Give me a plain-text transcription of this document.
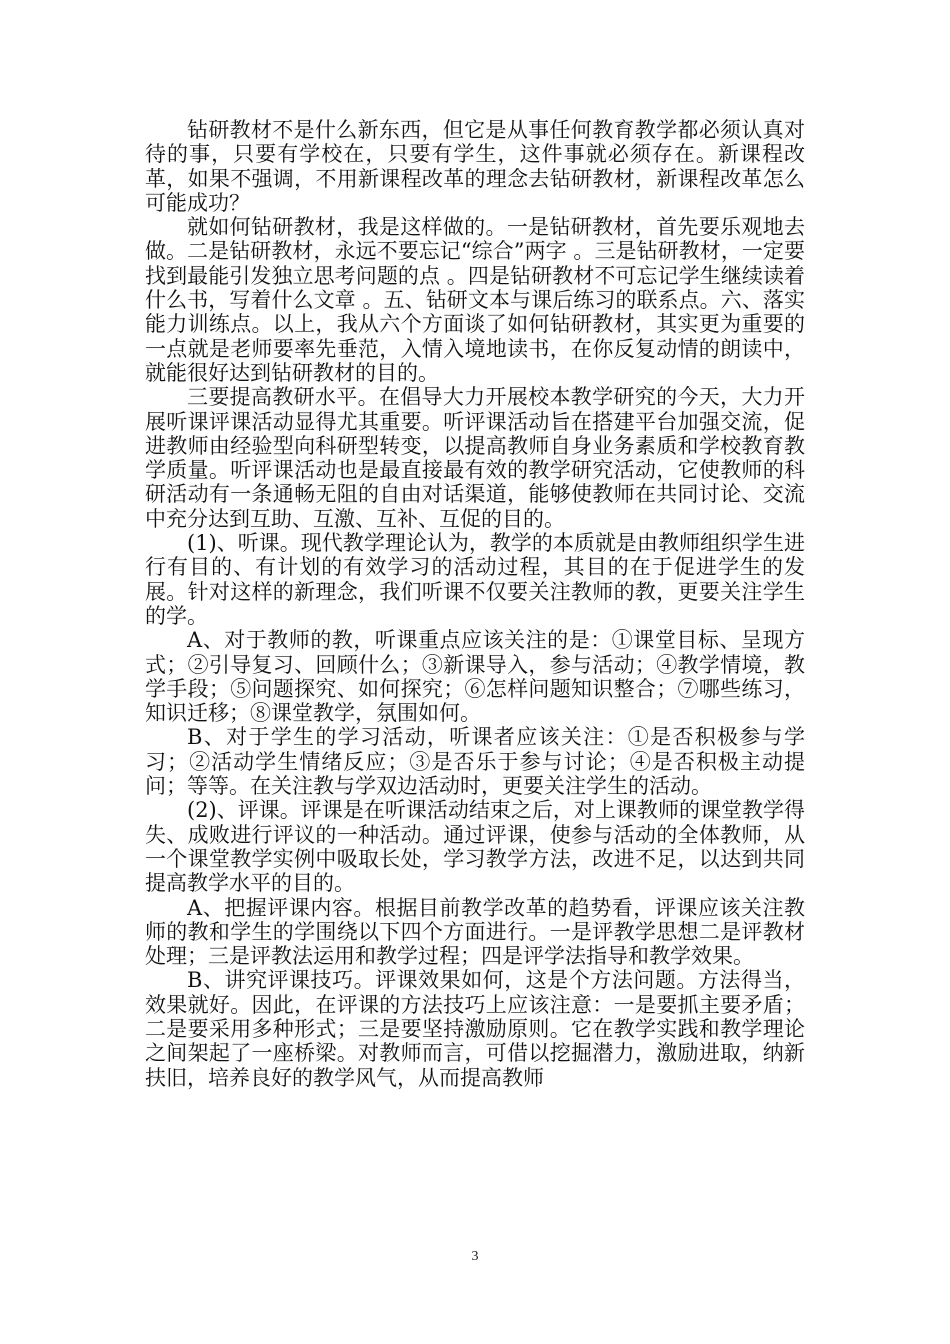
钻研教材不是什么新东西，但它是从事任何教育教学都必须认真对待的事，只要有学校在，只要有学生，这件事就必须存在。新课程改革，如果不强调，不用新课程改革的理念去钻研教材，新课程改革怎么可能成功？

就如何钻研教材，我是这样做的。一是钻研教材，首先要乐观地去做。二是钻研教材，永远不要忘记“综合”两字 。三是钻研教材，一定要找到最能引发独立思考问题的点 。四是钻研教材不可忘记学生继续读着什么书，写着什么文章 。五、钻研文本与课后练习的联系点。六、落实能力训练点。以上，我从六个方面谈了如何钻研教材，其实更为重要的一点就是老师要率先垂范，入情入境地读书，在你反复动情的朗读中，就能很好达到钻研教材的目的。

三要提高教研水平。在倡导大力开展校本教学研究的今天，大力开展听课评课活动显得尤其重要。听评课活动旨在搭建平台加强交流，促进教师由经验型向科研型转变，以提高教师自身业务素质和学校教育教学质量。听评课活动也是最直接最有效的教学研究活动，它使教师的科研活动有一条通畅无阻的自由对话渠道，能够使教师在共同讨论、交流中充分达到互助、互激、互补、互促的目的。

(1)、听课。现代教学理论认为，教学的本质就是由教师组织学生进行有目的、有计划的有效学习的活动过程，其目的在于促进学生的发展。针对这样的新理念，我们听课不仅要关注教师的教，更要关注学生的学。

A、对于教师的教，听课重点应该关注的是：①课堂目标、呈现方式；②引导复习、回顾什么；③新课导入，参与活动；④教学情境，教学手段；⑤问题探究、如何探究；⑥怎样问题知识整合；⑦哪些练习，知识迁移；⑧课堂教学，氛围如何。

B、对于学生的学习活动，听课者应该关注：①是否积极参与学习；②活动学生情绪反应；③是否乐于参与讨论；④是否积极主动提问；等等。在关注教与学双边活动时，更要关注学生的活动。

(2)、评课。评课是在听课活动结束之后，对上课教师的课堂教学得失、成败进行评议的一种活动。通过评课，使参与活动的全体教师，从一个课堂教学实例中吸取长处，学习教学方法，改进不足，以达到共同提高教学水平的目的。

A、把握评课内容。根据目前教学改革的趋势看，评课应该关注教师的教和学生的学围绕以下四个方面进行。一是评教学思想二是评教材处理；三是评教法运用和教学过程；四是评学法指导和教学效果。

B、讲究评课技巧。评课效果如何，这是个方法问题。方法得当，效果就好。因此，在评课的方法技巧上应该注意：一是要抓主要矛盾；二是要采用多种形式；三是要坚持激励原则。它在教学实践和教学理论之间架起了一座桥梁。对教师而言，可借以挖掘潜力，激励进取，纳新扶旧，培养良好的教学风气，从而提高教师

3
